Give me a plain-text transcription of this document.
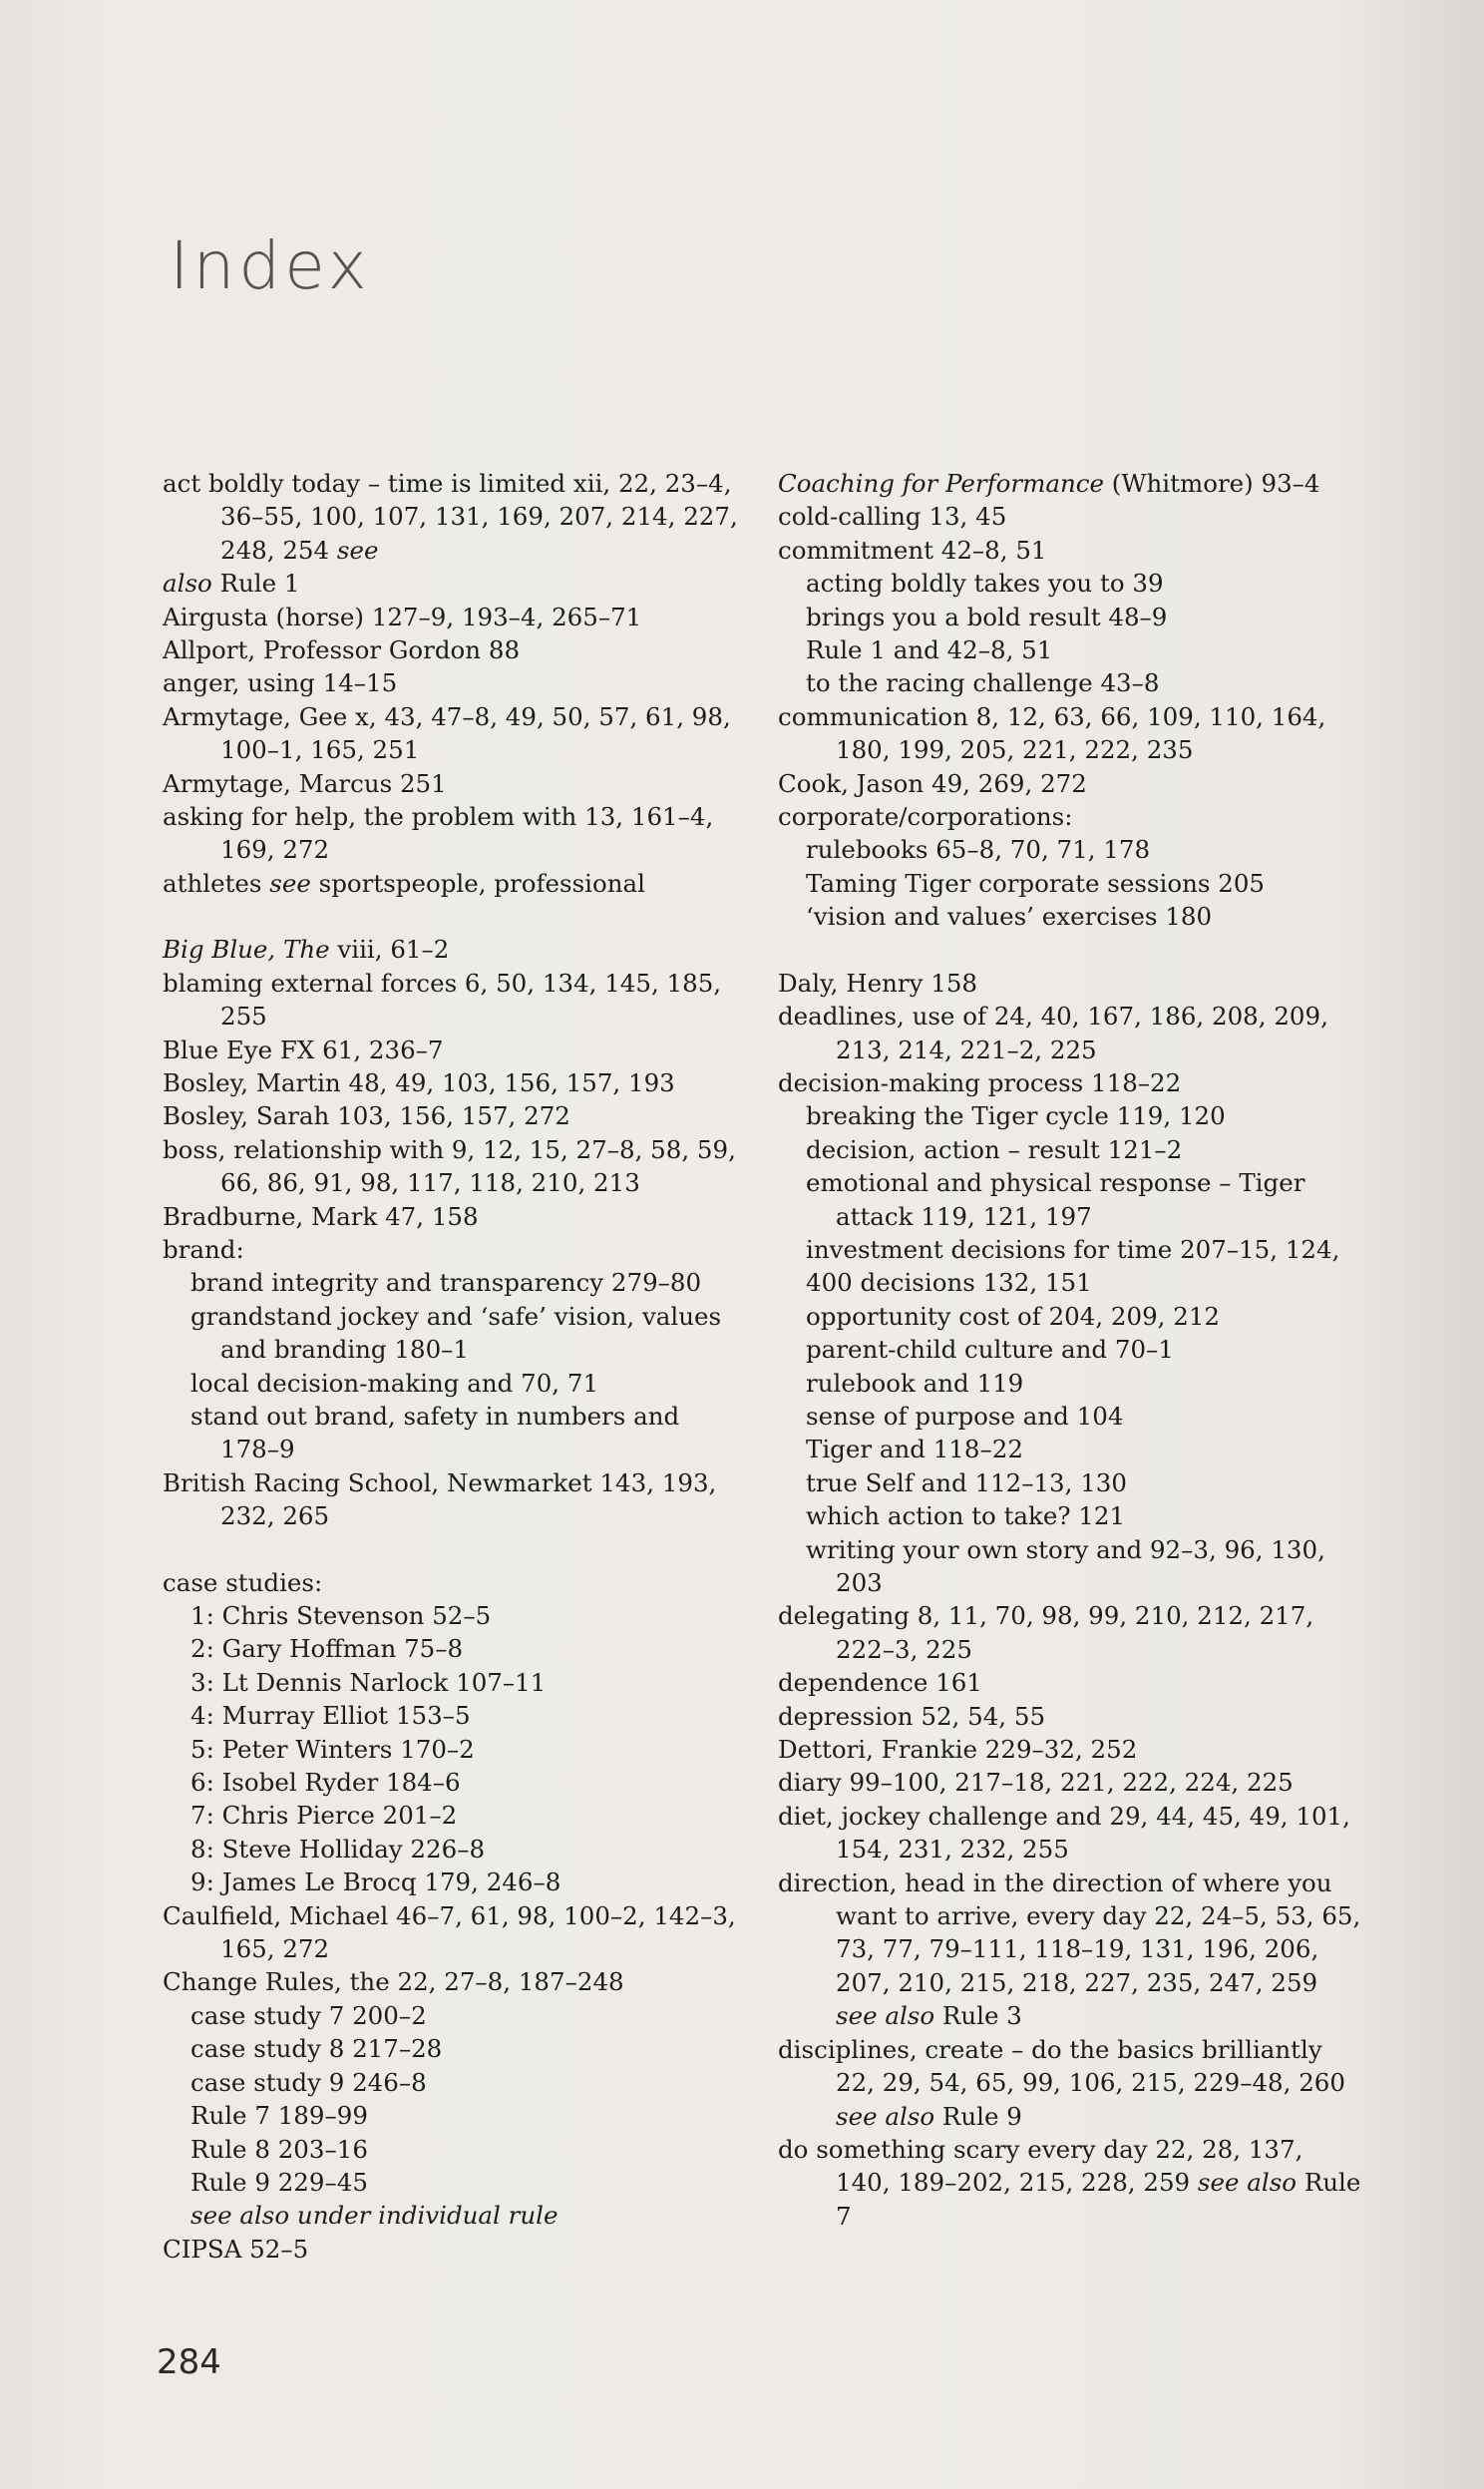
Index

act boldly today – time is limited xii, 22, 23–4, 36–55, 100, 107, 131, 169, 207, 214, 227, 248, 254 see

also Rule 1

Airgusta (horse) 127–9, 193–4, 265–71

Allport, Professor Gordon 88

anger, using 14–15

Armytage, Gee x, 43, 47–8, 49, 50, 57, 61, 98, 100–1, 165, 251

Armytage, Marcus 251

asking for help, the problem with 13, 161–4, 169, 272

athletes see sportspeople, professional

Big Blue, The viii, 61–2

blaming external forces 6, 50, 134, 145, 185, 255

Blue Eye FX 61, 236–7

Bosley, Martin 48, 49, 103, 156, 157, 193

Bosley, Sarah 103, 156, 157, 272

boss, relationship with 9, 12, 15, 27–8, 58, 59, 66, 86, 91, 98, 117, 118, 210, 213

Bradburne, Mark 47, 158

brand:

brand integrity and transparency 279–80

grandstand jockey and ‘safe’ vision, values and branding 180–1

local decision-making and 70, 71

stand out brand, safety in numbers and 178–9

British Racing School, Newmarket 143, 193, 232, 265

case studies:

1: Chris Stevenson 52–5

2: Gary Hoffman 75–8

3: Lt Dennis Narlock 107–11

4: Murray Elliot 153–5

5: Peter Winters 170–2

6: Isobel Ryder 184–6

7: Chris Pierce 201–2

8: Steve Holliday 226–8

9: James Le Brocq 179, 246–8

Caulfield, Michael 46–7, 61, 98, 100–2, 142–3, 165, 272

Change Rules, the 22, 27–8, 187–248

case study 7 200–2

case study 8 217–28

case study 9 246–8

Rule 7 189–99

Rule 8 203–16

Rule 9 229–45

see also under individual rule

CIPSA 52–5

Coaching for Performance (Whitmore) 93–4

cold-calling 13, 45

commitment 42–8, 51

acting boldly takes you to 39

brings you a bold result 48–9

Rule 1 and 42–8, 51

to the racing challenge 43–8

communication 8, 12, 63, 66, 109, 110, 164, 180, 199, 205, 221, 222, 235

Cook, Jason 49, 269, 272

corporate/corporations:

rulebooks 65–8, 70, 71, 178

Taming Tiger corporate sessions 205

‘vision and values’ exercises 180

Daly, Henry 158

deadlines, use of 24, 40, 167, 186, 208, 209, 213, 214, 221–2, 225

decision-making process 118–22

breaking the Tiger cycle 119, 120

decision, action – result 121–2

emotional and physical response – Tiger attack 119, 121, 197

investment decisions for time 207–15, 124,

400 decisions 132, 151

opportunity cost of 204, 209, 212

parent-child culture and 70–1

rulebook and 119

sense of purpose and 104

Tiger and 118–22

true Self and 112–13, 130

which action to take? 121

writing your own story and 92–3, 96, 130, 203

delegating 8, 11, 70, 98, 99, 210, 212, 217, 222–3, 225

dependence 161

depression 52, 54, 55

Dettori, Frankie 229–32, 252

diary 99–100, 217–18, 221, 222, 224, 225

diet, jockey challenge and 29, 44, 45, 49, 101, 154, 231, 232, 255

direction, head in the direction of where you want to arrive, every day 22, 24–5, 53, 65, 73, 77, 79–111, 118–19, 131, 196, 206, 207, 210, 215, 218, 227, 235, 247, 259 see also Rule 3

disciplines, create – do the basics brilliantly 22, 29, 54, 65, 99, 106, 215, 229–48, 260 see also Rule 9

do something scary every day 22, 28, 137, 140, 189–202, 215, 228, 259 see also Rule 7

284
